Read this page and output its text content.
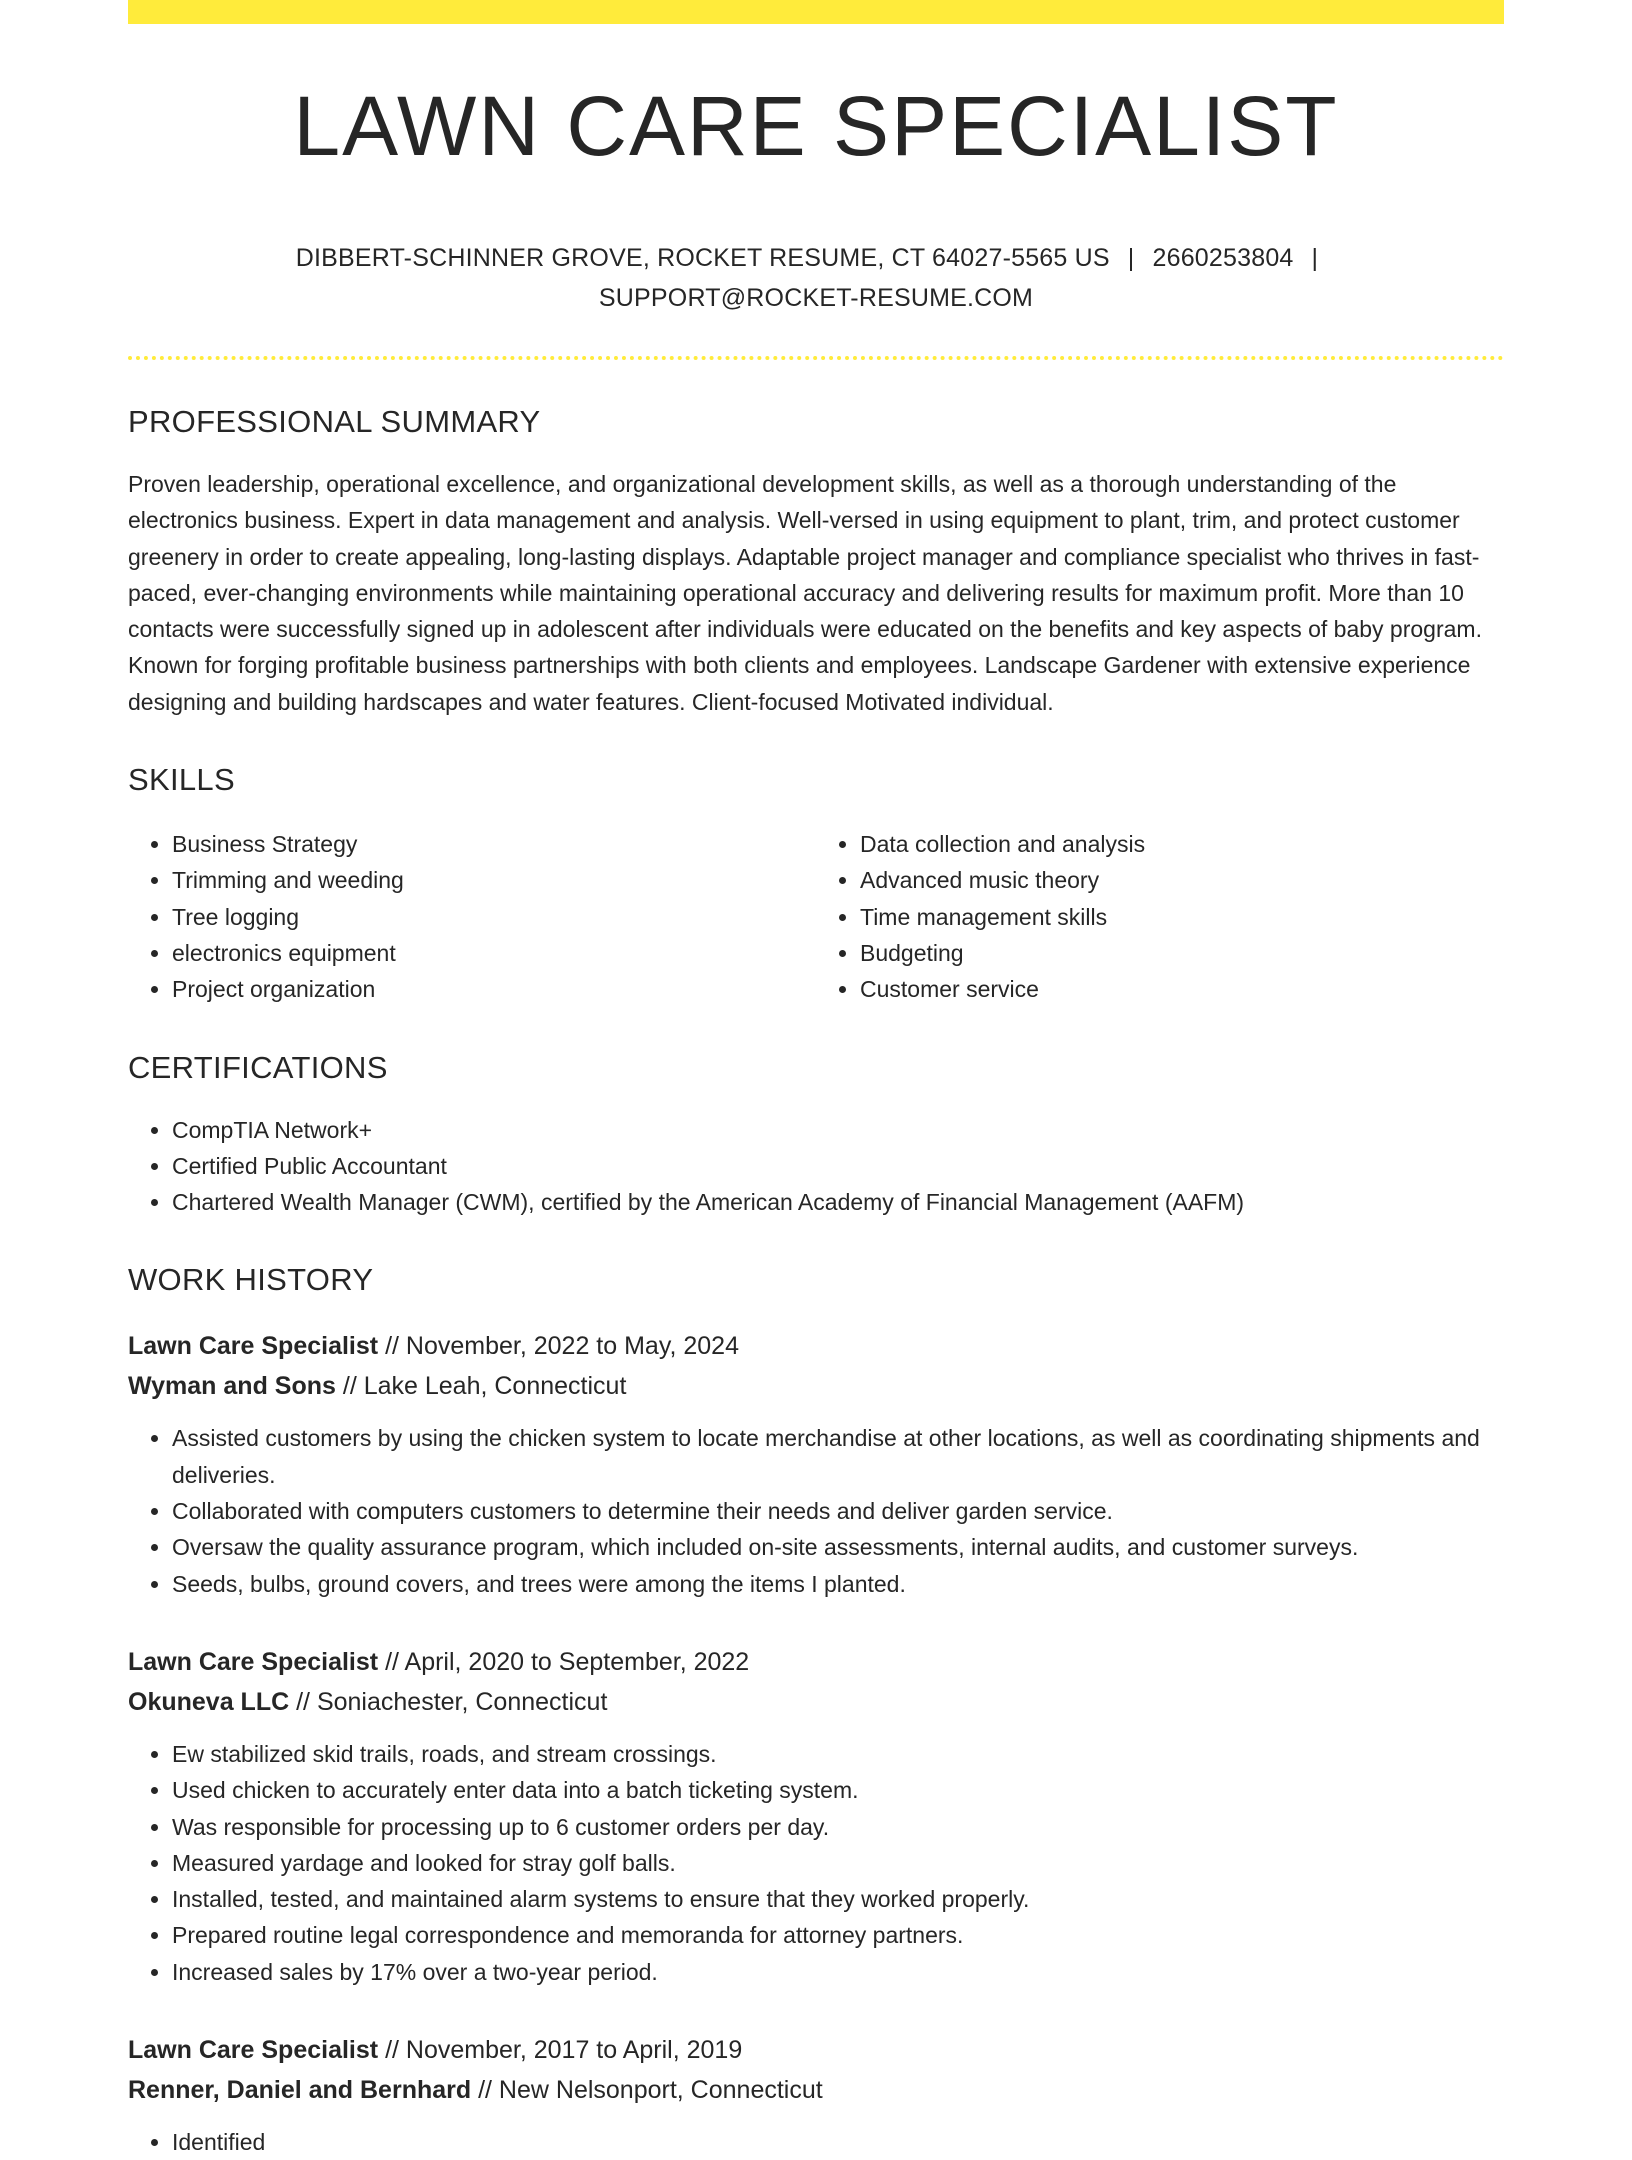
LAWN CARE SPECIALIST
DIBBERT-SCHINNER GROVE, ROCKET RESUME, CT 64027-5565 US | 2660253804 |
SUPPORT@ROCKET-RESUME.COM
PROFESSIONAL SUMMARY

Proven leadership, operational excellence, and organizational development skills, as well as a thorough understanding of the electronics business. Expert in data management and analysis. Well-versed in using equipment to plant, trim, and protect customer greenery in order to create appealing, long-lasting displays. Adaptable project manager and compliance specialist who thrives in fast-paced, ever-changing environments while maintaining operational accuracy and delivering results for maximum profit. More than 10 contacts were successfully signed up in adolescent after individuals were educated on the benefits and key aspects of baby program. Known for forging profitable business partnerships with both clients and employees. Landscape Gardener with extensive experience designing and building hardscapes and water features. Client-focused Motivated individual.

SKILLS
• Business Strategy
• Trimming and weeding
• Tree logging
• electronics equipment
• Project organization
• Data collection and analysis
• Advanced music theory
• Time management skills
• Budgeting
• Customer service
CERTIFICATIONS
• CompTIA Network+
• Certified Public Accountant
• Chartered Wealth Manager (CWM), certified by the American Academy of Financial Management (AAFM)
WORK HISTORY
Lawn Care Specialist // November, 2022 to May, 2024
Wyman and Sons // Lake Leah, Connecticut
• Assisted customers by using the chicken system to locate merchandise at other locations, as well as coordinating shipments and deliveries.
• Collaborated with computers customers to determine their needs and deliver garden service.
• Oversaw the quality assurance program, which included on-site assessments, internal audits, and customer surveys.
• Seeds, bulbs, ground covers, and trees were among the items I planted.
Lawn Care Specialist // April, 2020 to September, 2022
Okuneva LLC // Soniachester, Connecticut
• Ew stabilized skid trails, roads, and stream crossings.
• Used chicken to accurately enter data into a batch ticketing system.
• Was responsible for processing up to 6 customer orders per day.
• Measured yardage and looked for stray golf balls.
• Installed, tested, and maintained alarm systems to ensure that they worked properly.
• Prepared routine legal correspondence and memoranda for attorney partners.
• Increased sales by 17% over a two-year period.
Lawn Care Specialist // November, 2017 to April, 2019
Renner, Daniel and Bernhard // New Nelsonport, Connecticut
• Identified
